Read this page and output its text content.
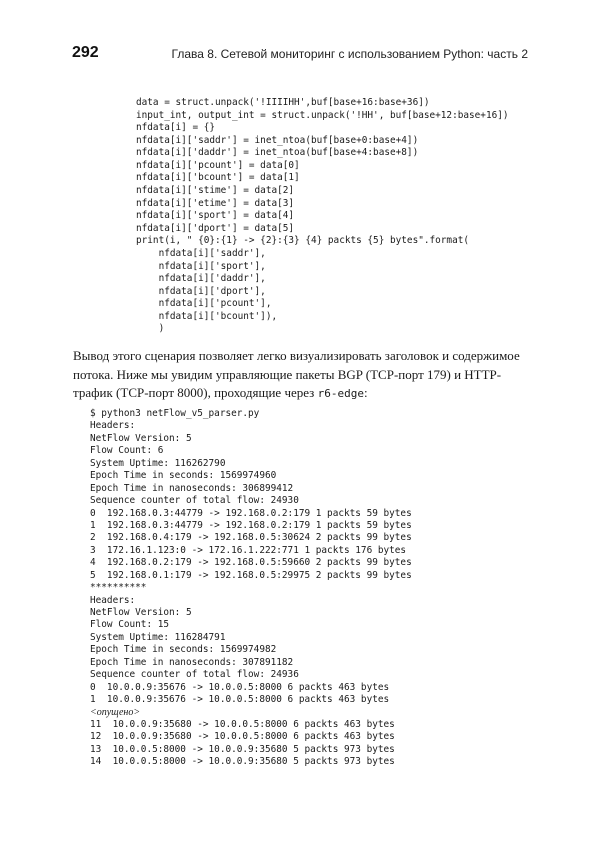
292	Глава 8. Сетевой мониторинг с использованием Python: часть 2
data = struct.unpack('!IIIIHH',buf[base+16:base+36])
input_int, output_int = struct.unpack('!HH', buf[base+12:base+16])
nfdata[i] = {}
nfdata[i]['saddr'] = inet_ntoa(buf[base+0:base+4])
nfdata[i]['daddr'] = inet_ntoa(buf[base+4:base+8])
nfdata[i]['pcount'] = data[0]
nfdata[i]['bcount'] = data[1]
nfdata[i]['stime'] = data[2]
nfdata[i]['etime'] = data[3]
nfdata[i]['sport'] = data[4]
nfdata[i]['dport'] = data[5]
print(i, " {0}:{1} -> {2}:{3} {4} packts {5} bytes".format(
nfdata[i]['saddr'],
nfdata[i]['sport'],
nfdata[i]['daddr'],
nfdata[i]['dport'],
nfdata[i]['pcount'],
nfdata[i]['bcount']),
)
Вывод этого сценария позволяет легко визуализировать заголовок и содержимое
потока. Ниже мы увидим управляющие пакеты BGP (TCP-порт 179) и HTTP-
трафик (TCP-порт 8000), проходящие через r6-edge:
$ python3 netFlow_v5_parser.py
Headers:
NetFlow Version: 5
Flow Count: 6
System Uptime: 116262790
Epoch Time in seconds: 1569974960
Epoch Time in nanoseconds: 306899412
Sequence counter of total flow: 24930
0  192.168.0.3:44779 -> 192.168.0.2:179 1 packts 59 bytes
1  192.168.0.3:44779 -> 192.168.0.2:179 1 packts 59 bytes
2  192.168.0.4:179 -> 192.168.0.5:30624 2 packts 99 bytes
3  172.16.1.123:0 -> 172.16.1.222:771 1 packts 176 bytes
4  192.168.0.2:179 -> 192.168.0.5:59660 2 packts 99 bytes
5  192.168.0.1:179 -> 192.168.0.5:29975 2 packts 99 bytes
**********
Headers:
NetFlow Version: 5
Flow Count: 15
System Uptime: 116284791
Epoch Time in seconds: 1569974982
Epoch Time in nanoseconds: 307891182
Sequence counter of total flow: 24936
0  10.0.0.9:35676 -> 10.0.0.5:8000 6 packts 463 bytes
1  10.0.0.9:35676 -> 10.0.0.5:8000 6 packts 463 bytes
<опущено>
11  10.0.0.9:35680 -> 10.0.0.5:8000 6 packts 463 bytes
12  10.0.0.9:35680 -> 10.0.0.5:8000 6 packts 463 bytes
13  10.0.0.5:8000 -> 10.0.0.9:35680 5 packts 973 bytes
14  10.0.0.5:8000 -> 10.0.0.9:35680 5 packts 973 bytes
